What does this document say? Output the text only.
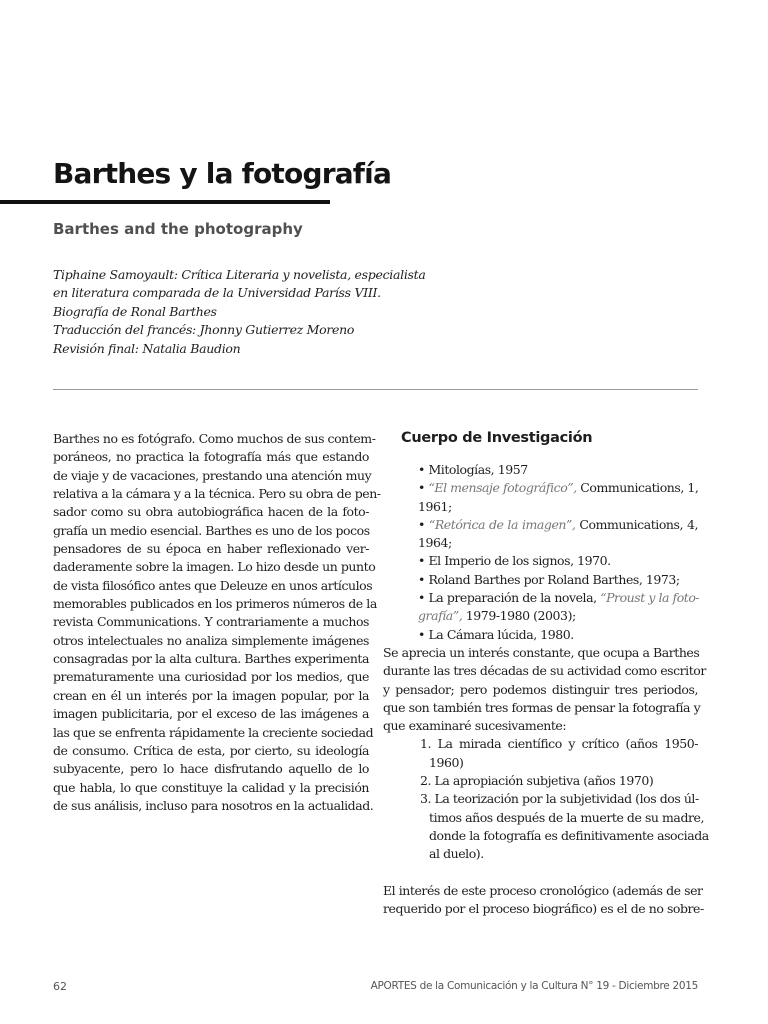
Barthes y la fotografía
Barthes and the photography
Tiphaine Samoyault: Crítica Literaria y novelista, especialista
en literatura comparada de la Universidad Paríss VIII.
Biografía de Ronal Barthes
Traducción del francés: Jhonny Gutierrez Moreno
Revisión final: Natalia Baudion
Barthes no es fotógrafo. Como muchos de sus contem-
poráneos, no practica la fotografía más que estando
de viaje y de vacaciones, prestando una atención muy
relativa a la cámara y a la técnica. Pero su obra de pen-
sador como su obra autobiográfica hacen de la foto-
grafía un medio esencial. Barthes es uno de los pocos
pensadores de su época en haber reflexionado ver-
daderamente sobre la imagen. Lo hizo desde un punto
de vista filosófico antes que Deleuze en unos artículos
memorables publicados en los primeros números de la
revista Communications. Y contrariamente a muchos
otros intelectuales no analiza simplemente imágenes
consagradas por la alta cultura. Barthes experimenta
prematuramente una curiosidad por los medios, que
crean en él un interés por la imagen popular, por la
imagen publicitaria, por el exceso de las imágenes a
las que se enfrenta rápidamente la creciente sociedad
de consumo. Crítica de esta, por cierto, su ideología
subyacente, pero lo hace disfrutando aquello de lo
que habla, lo que constituye la calidad y la precisión
de sus análisis, incluso para nosotros en la actualidad.
Cuerpo de Investigación
• Mitologías, 1957
• “El mensaje fotográfico”, Communications, 1,
1961;
• “Retórica de la imagen”, Communications, 4,
1964;
• El Imperio de los signos, 1970.
• Roland Barthes por Roland Barthes, 1973;
• La preparación de la novela, “Proust y la foto-
grafía”, 1979-1980 (2003);
• La Cámara lúcida, 1980.
Se aprecia un interés constante, que ocupa a Barthes
durante las tres décadas de su actividad como escritor
y pensador; pero podemos distinguir tres periodos,
que son también tres formas de pensar la fotografía y
que examinaré sucesivamente:
1. La mirada científico y crítico (años 1950-
1960)
2. La apropiación subjetiva (años 1970)
3. La teorización por la subjetividad (los dos úl-
timos años después de la muerte de su madre,
donde la fotografía es definitivamente asociada
al duelo).
El interés de este proceso cronológico (además de ser
requerido por el proceso biográfico) es el de no sobre-
62	APORTES de la Comunicación y la Cultura N° 19 - Diciembre 2015
